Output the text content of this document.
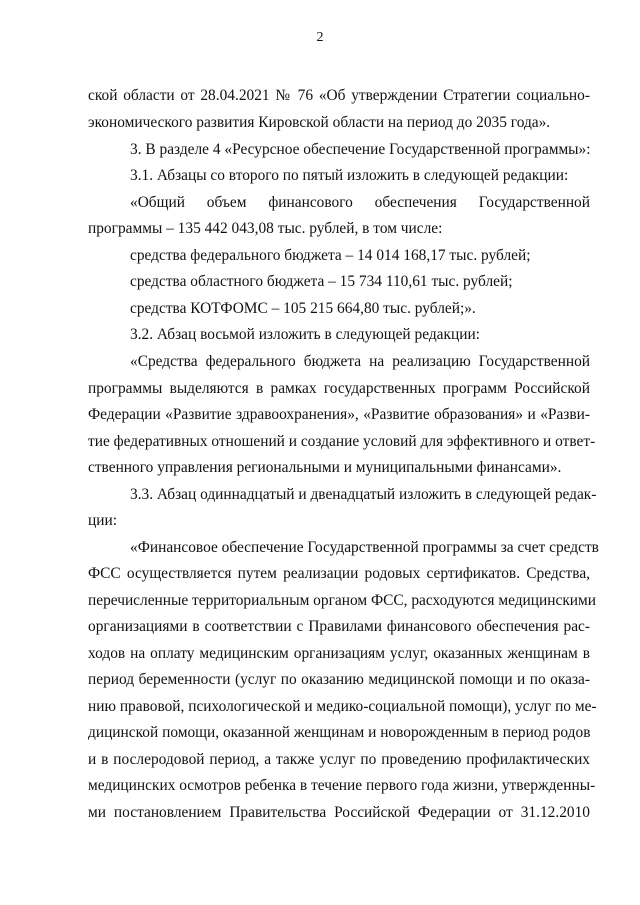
2
ской области от 28.04.2021 № 76 «Об утверждении Стратегии социально-
экономического развития Кировской области на период до 2035 года».
3. В разделе 4 «Ресурсное обеспечение Государственной программы»:
3.1. Абзацы со второго по пятый изложить в следующей редакции:
«Общий объем финансового обеспечения Государственной
программы – 135 442 043,08 тыс. рублей, в том числе:
средства федерального бюджета – 14 014 168,17 тыс. рублей;
средства областного бюджета – 15 734 110,61 тыс. рублей;
средства КОТФОМС – 105 215 664,80 тыс. рублей;».
3.2. Абзац восьмой изложить в следующей редакции:
«Средства федерального бюджета на реализацию Государственной
программы выделяются в рамках государственных программ Российской
Федерации «Развитие здравоохранения», «Развитие образования» и «Разви-
тие федеративных отношений и создание условий для эффективного и ответ-
ственного управления региональными и муниципальными финансами».
3.3. Абзац одиннадцатый и двенадцатый изложить в следующей редак-
ции:
«Финансовое обеспечение Государственной программы за счет средств
ФСС осуществляется путем реализации родовых сертификатов. Средства,
перечисленные территориальным органом ФСС, расходуются медицинскими
организациями в соответствии с Правилами финансового обеспечения рас-
ходов на оплату медицинским организациям услуг, оказанных женщинам в
период беременности (услуг по оказанию медицинской помощи и по оказа-
нию правовой, психологической и медико-социальной помощи), услуг по ме-
дицинской помощи, оказанной женщинам и новорожденным в период родов
и в послеродовой период, а также услуг по проведению профилактических
медицинских осмотров ребенка в течение первого года жизни, утвержденны-
ми постановлением Правительства Российской Федерации от 31.12.2010
